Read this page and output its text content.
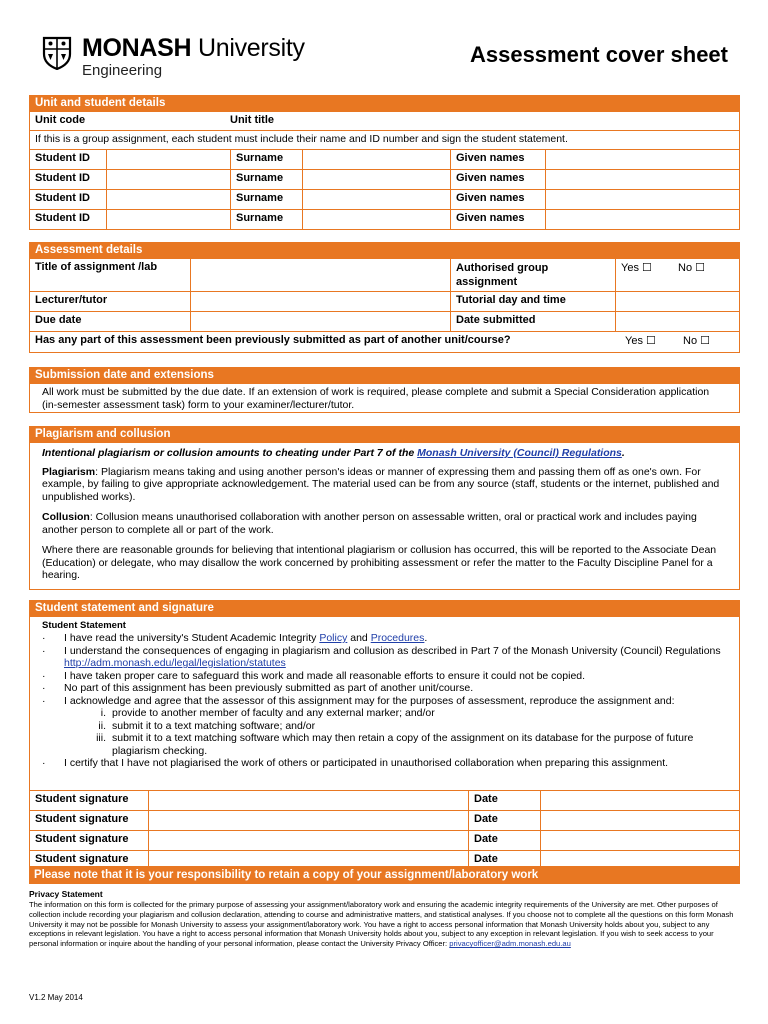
MONASH University
Engineering
Assessment cover sheet
Unit and student details
Unit code	Unit title
If this is a group assignment, each student must include their name and ID number and sign the student statement.
Student ID	Surname	Given names
Student ID	Surname	Given names
Student ID	Surname	Given names
Student ID	Surname	Given names
Assessment details
Title of assignment /lab	Authorised group assignment
Yes ☐ No ☐
Lecturer/tutor	Tutorial day and time
Due date	Date submitted
Has any part of this assessment been previously submitted as part of another unit/course?	Yes ☐ No ☐
Submission date and extensions
All work must be submitted by the due date. If an extension of work is required, please complete and submit a Special Consideration application (in-semester assessment task) form to your examiner/lecturer/tutor.
Plagiarism and collusion

Intentional plagiarism or collusion amounts to cheating under Part 7 of the Monash University (Council) Regulations.

Plagiarism: Plagiarism means taking and using another person's ideas or manner of expressing them and passing them off as one's own. For example, by failing to give appropriate acknowledgement. The material used can be from any source (staff, students or the internet, published and unpublished works).

Collusion: Collusion means unauthorised collaboration with another person on assessable written, oral or practical work and includes paying another person to complete all or part of the work.

Where there are reasonable grounds for believing that intentional plagiarism or collusion has occurred, this will be reported to the Associate Dean (Education) or delegate, who may disallow the work concerned by prohibiting assessment or refer the matter to the Faculty Discipline Panel for a hearing.

Student statement and signature
Student Statement
· I have read the university's Student Academic Integrity Policy and Procedures.
· I understand the consequences of engaging in plagiarism and collusion as described in Part 7 of the Monash University (Council) Regulations http://adm.monash.edu/legal/legislation/statutes
· I have taken proper care to safeguard this work and made all reasonable efforts to ensure it could not be copied.
· No part of this assignment has been previously submitted as part of another unit/course.
· I acknowledge and agree that the assessor of this assignment may for the purposes of assessment, reproduce the assignment and:
i. provide to another member of faculty and any external marker; and/or
ii. submit it to a text matching software; and/or
iii. submit it to a text matching software which may then retain a copy of the assignment on its database for the purpose of future plagiarism checking.
· I certify that I have not plagiarised the work of others or participated in unauthorised collaboration when preparing this assignment.
Student signature	Date
Student signature	Date
Student signature	Date
Student signature	Date
Please note that it is your responsibility to retain a copy of your assignment/laboratory work
Privacy Statement
The information on this form is collected for the primary purpose of assessing your assignment/laboratory work and ensuring the academic integrity requirements of the University are met. Other purposes of collection include recording your plagiarism and collusion declaration, attending to course and administrative matters, and statistical analyses. If you choose not to complete all the questions on this form Monash University it may not be possible for Monash University to assess your assignment/laboratory work. You have a right to access personal information that Monash University holds about you, subject to any exceptions in relevant legislation. You have a right to access personal information that Monash University holds about you, subject to any exception in relevant legislation. If you wish to seek access to your personal information or inquire about the handling of your personal information, please contact the University Privacy Officer: privacyofficer@adm.monash.edu.au
V1.2 May 2014
